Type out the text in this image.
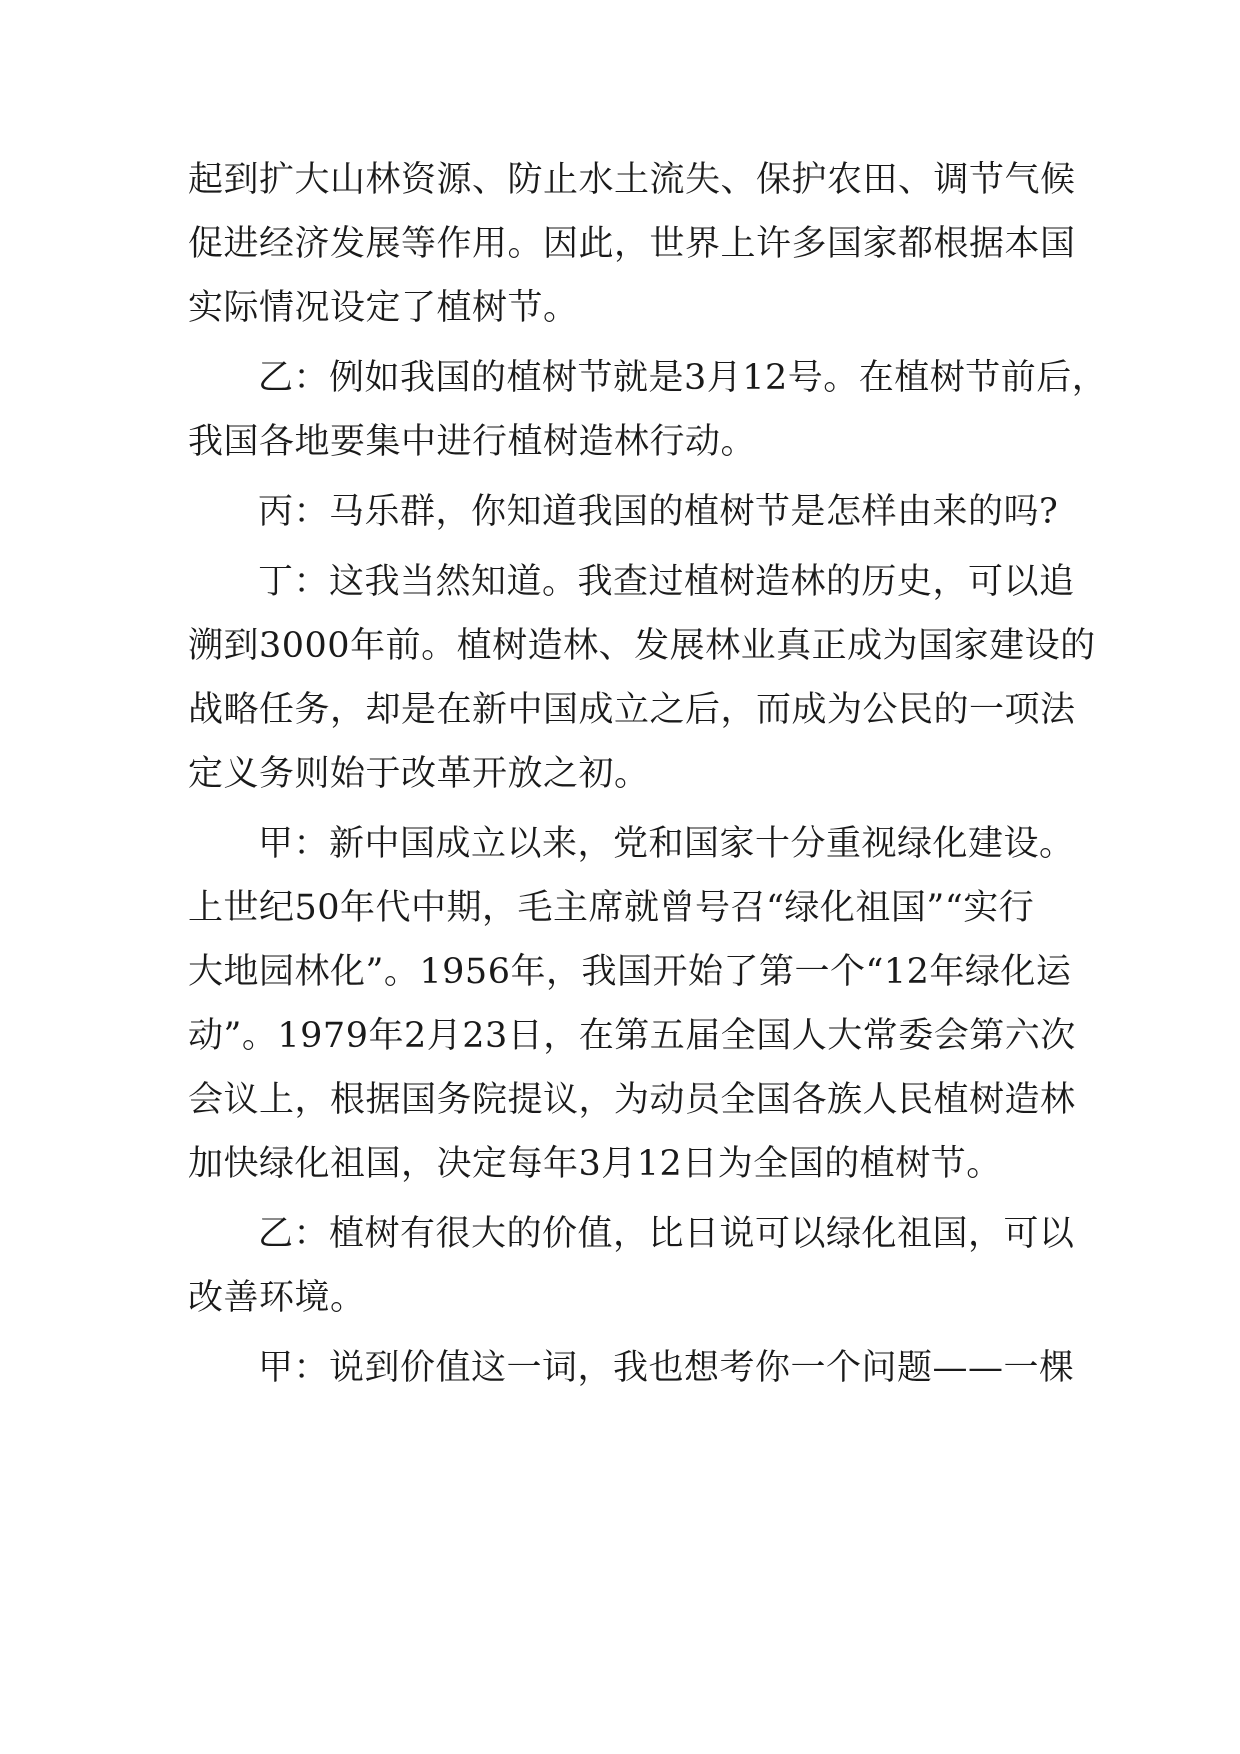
起到扩大山林资源、防止水土流失、保护农田、调节气候
促进经济发展等作用。因此，世界上许多国家都根据本国
实际情况设定了植树节。
乙：例如我国的植树节就是3月12号。在植树节前后，
我国各地要集中进行植树造林行动。
丙：马乐群，你知道我国的植树节是怎样由来的吗?
丁：这我当然知道。我查过植树造林的历史，可以追
溯到3000年前。植树造林、发展林业真正成为国家建设的
战略任务，却是在新中国成立之后，而成为公民的一项法
定义务则始于改革开放之初。
甲：新中国成立以来，党和国家十分重视绿化建设。
上世纪50年代中期，毛主席就曾号召“绿化祖国”“实行
大地园林化”。1956年，我国开始了第一个“12年绿化运
动”。1979年2月23日，在第五届全国人大常委会第六次
会议上，根据国务院提议，为动员全国各族人民植树造林
加快绿化祖国，决定每年3月12日为全国的植树节。
乙：植树有很大的价值，比日说可以绿化祖国，可以
改善环境。
甲：说到价值这一词，我也想考你一个问题——一棵
